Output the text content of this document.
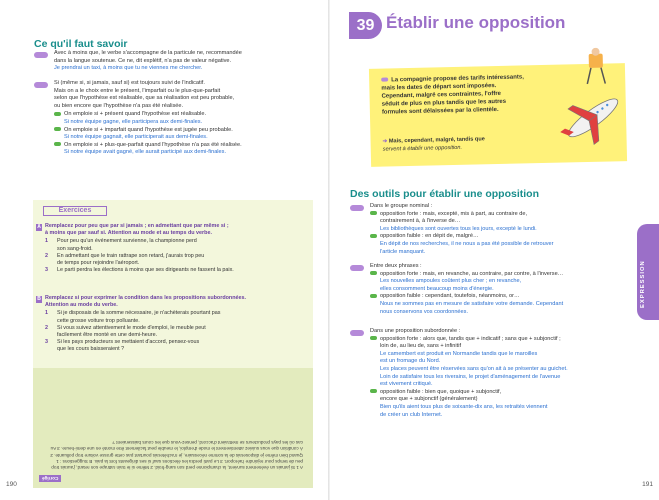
Ce qu'il faut savoir
Avec à moins que, le verbe s'accompagne de la particule ne, recommandée
dans la langue soutenue. Ce ne, dit explétif, n'a pas de valeur négative.
Je prendrai un taxi, à moins que tu ne viennes me chercher.
Si (même si, si jamais, sauf si) est toujours suivi de l'indicatif.
Mais on a le choix entre le présent, l'imparfait ou le plus-que-parfait
selon que l'hypothèse est réalisable, que sa réalisation est peu probable,
ou bien encore que l'hypothèse n'a pas été réalisée.
On emploie si + présent quand l'hypothèse est réalisable.
Si notre équipe gagne, elle participera aux demi-finales.
On emploie si + imparfait quand l'hypothèse est jugée peu probable.
Si notre équipe gagnait, elle participerait aux demi-finales.
On emploie si + plus-que-parfait quand l'hypothèse n'a pas été réalisée.
Si notre équipe avait gagné, elle aurait participé aux demi-finales.
Exercices
A Remplacez pour peu que par si jamais ; en admettant que par même si ;
à moins que par sauf si. Attention au mode et au temps du verbe.
1	Pour peu qu'un événement survienne, la championne perd
son sang-froid.
2	En admettant que le train rattrape son retard, j'aurais trop peu
de temps pour rejoindre l'aéroport.
3	Le parti perdra les élections à moins que ses dirigeants ne fassent la paix.
B Remplacez si pour exprimer la condition dans les propositions subordonnées.
Attention au mode du verbe.
1	Si je disposais de la somme nécessaire, je n'achèterais pourtant pas
cette grosse voiture trop polluante.
2	Si vous suivez attentivement le mode d'emploi, le meuble peut
facilement être monté en une demi-heure.
3	Si les pays producteurs se mettaient d'accord, pensez-vous
que les cours baisseraient ?
Corrigé
A 1 Si jamais un événement survient, la championne perd son sang-froid. 2 Même si le train rattrape son retard, j'aurais trop peu de temps pour rejoindre l'aéroport. 3 Le parti perdra les élections sauf si ses dirigeants font la paix. B Suggestions : 1 Quand bien même je disposerais de la somme nécessaire, je n'achèterais pourtant pas cette grosse voiture trop polluante. 2 À condition que vous suiviez attentivement le mode d'emploi, le meuble peut facilement être monté en une demi-heure. 3 Au cas où les pays producteurs se mettraient d'accord, pensez-vous que les cours baisseraient ?
190
39 Établir une opposition
La compagnie propose des tarifs intéressants,
mais les dates de départ sont imposées.
Cependant, malgré ces contraintes, l'offre
séduit de plus en plus tandis que les autres
formules sont délaissées par la clientèle.
➔ Mais, cependant, malgré, tandis que
servent à établir une opposition.
Des outils pour établir une opposition
Dans le groupe nominal :
opposition forte : mais, excepté, mis à part, au contraire de,
contrairement à, à l'inverse de…
Les bibliothèques sont ouvertes tous les jours, excepté le lundi.
opposition faible : en dépit de, malgré…
En dépit de nos recherches, il ne nous a pas été possible de retrouver
l'article manquant.
Entre deux phrases :
opposition forte : mais, en revanche, au contraire, par contre, à l'inverse…
Les nouvelles ampoules coûtent plus cher ; en revanche,
elles consomment beaucoup moins d'énergie.
opposition faible : cependant, toutefois, néanmoins, or…
Nous ne sommes pas en mesure de satisfaire votre demande. Cependant
nous conservons vos coordonnées.
Dans une proposition subordonnée :
opposition forte : alors que, tandis que + indicatif ; sans que + subjonctif ;
loin de, au lieu de, sans + infinitif
Le camembert est produit en Normandie tandis que le maroilles
est un fromage du Nord.
Les places peuvent être réservées sans qu'on ait à se présenter au guichet.
Loin de satisfaire tous les riverains, le projet d'aménagement de l'avenue
est vivement critiqué.
opposition faible : bien que, quoique + subjonctif,
encore que + subjonctif (généralement)
Bien qu'ils aient tous plus de soixante-dix ans, les retraités viennent
de créer un club Internet.
EXPRESSION
191
